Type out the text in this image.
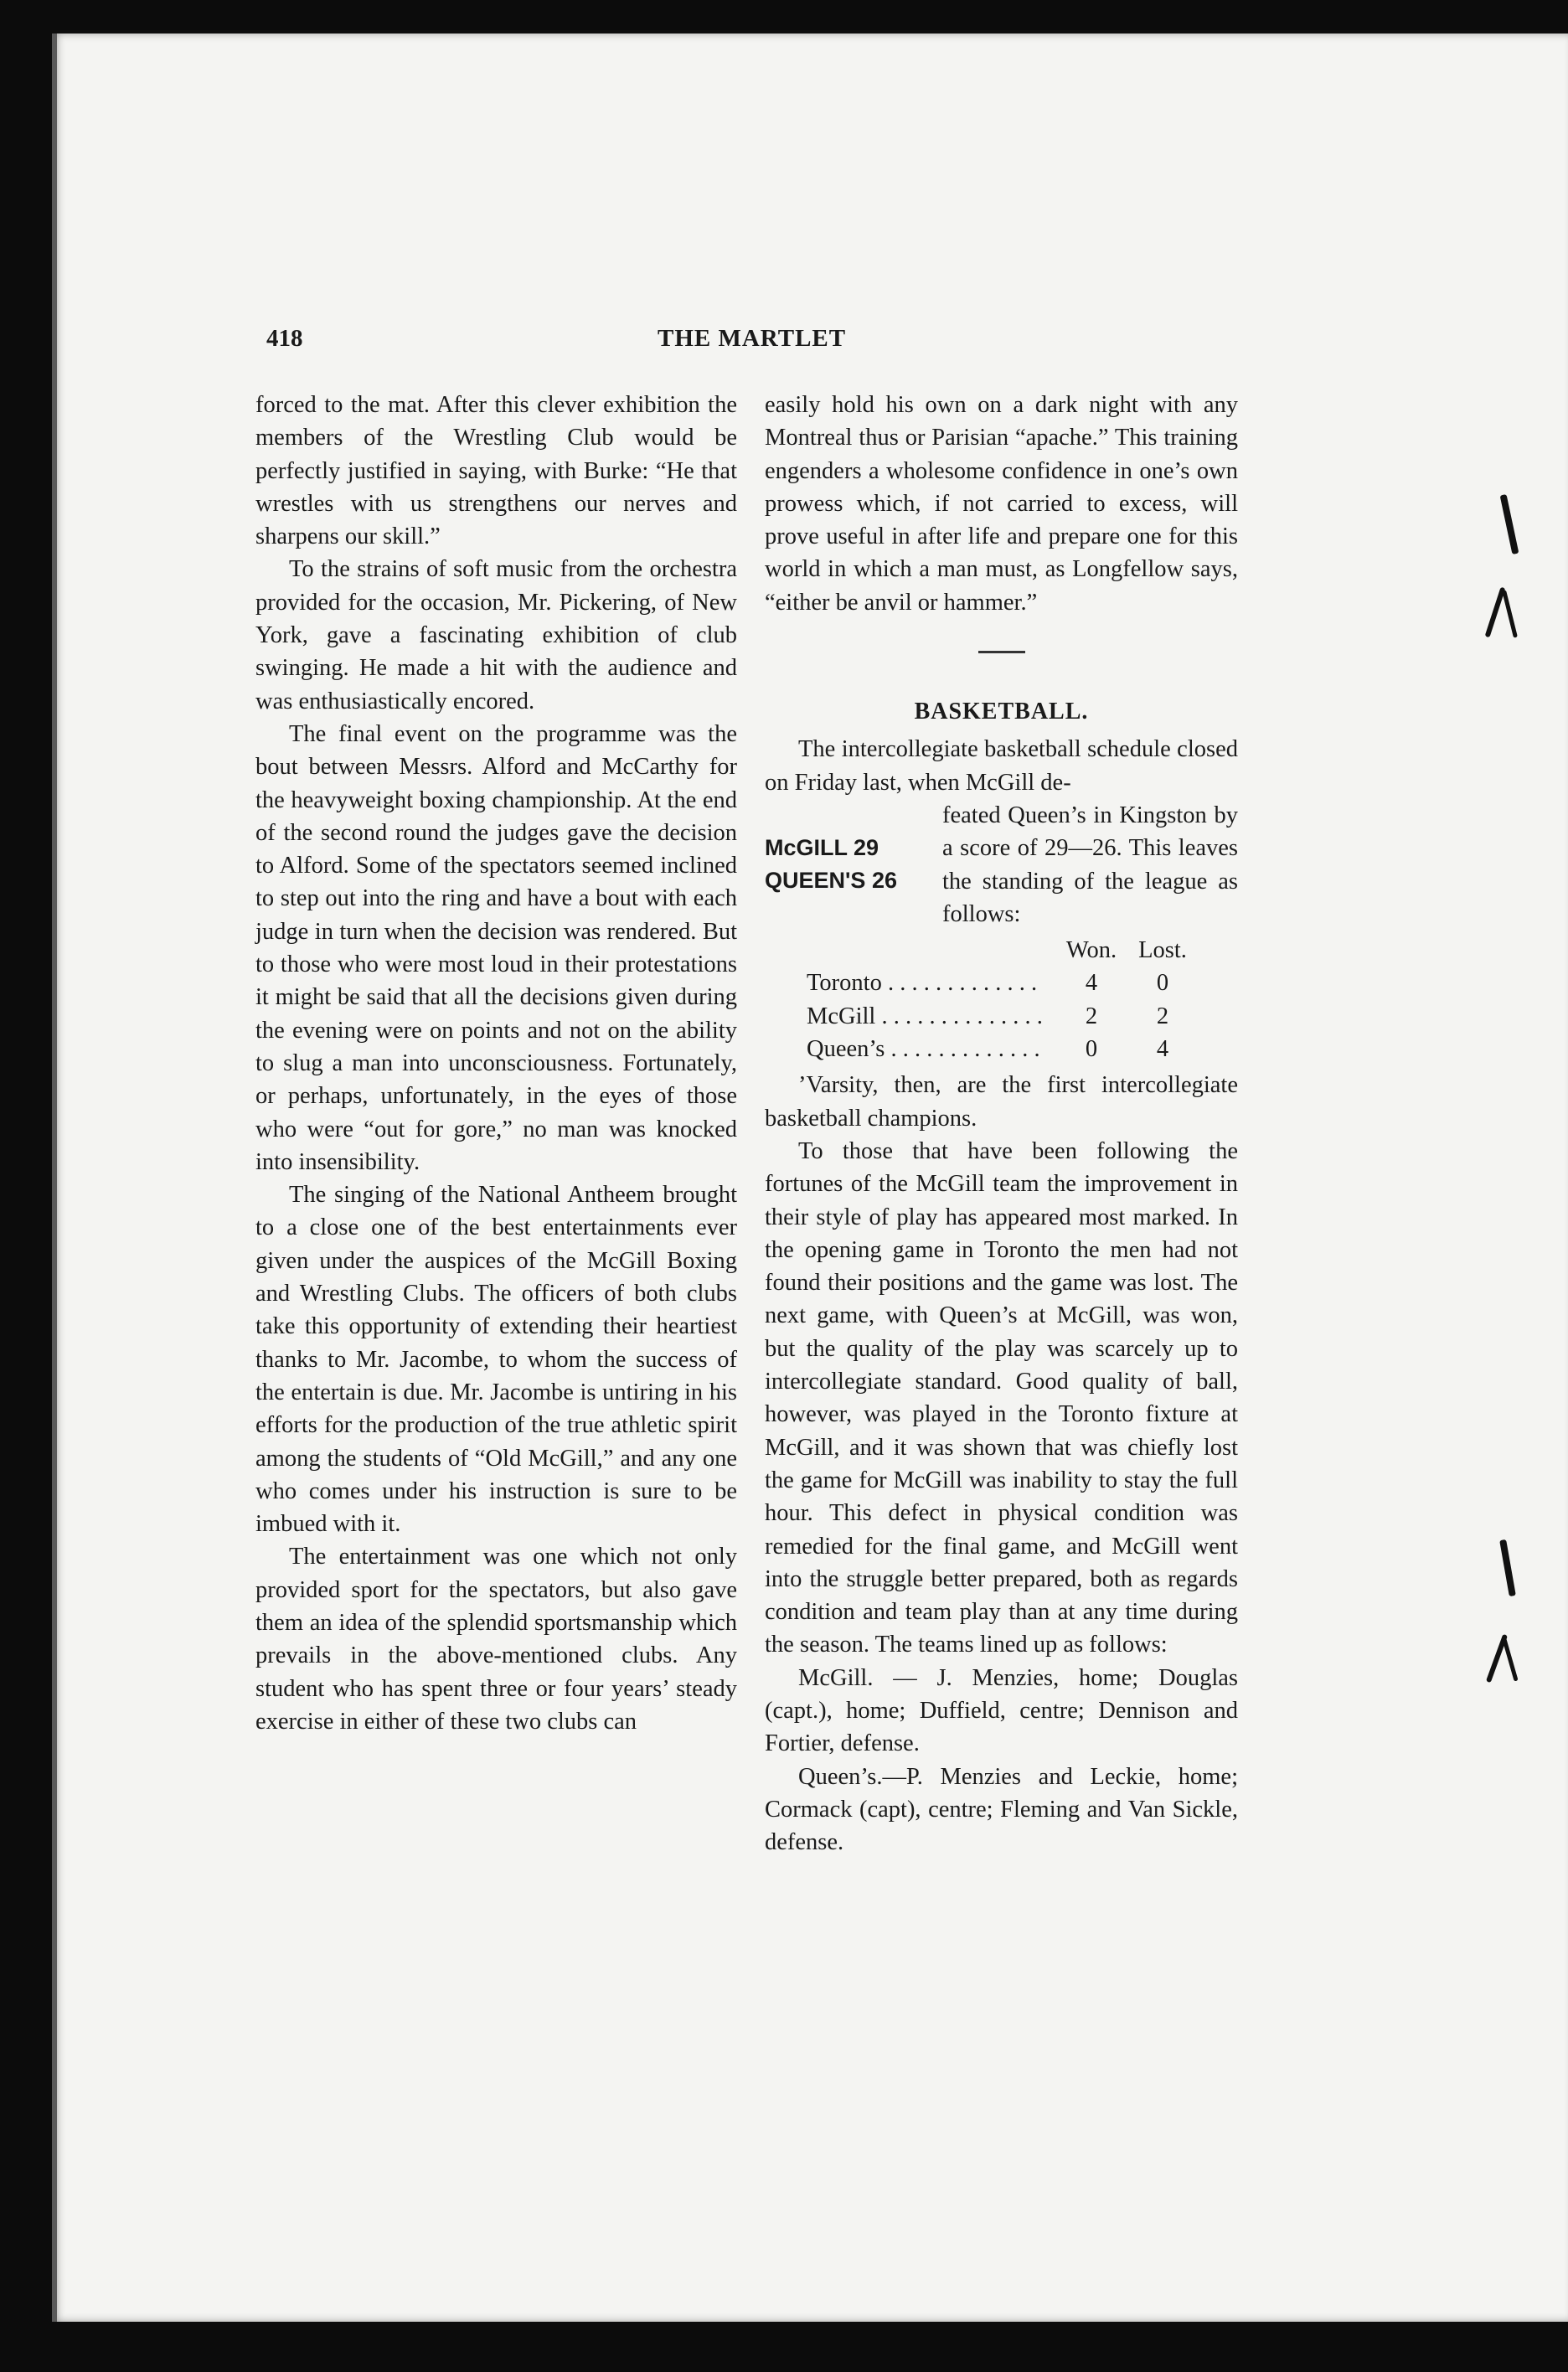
418	THE MARTLET

forced to the mat. After this clever exhibition the members of the Wrestling Club would be perfectly justified in saying, with Burke: “He that wrestles with us strengthens our nerves and sharpens our skill.”

To the strains of soft music from the orchestra provided for the occasion, Mr. Pickering, of New York, gave a fascinating exhibition of club swinging. He made a hit with the audience and was enthusiastically encored.

The final event on the programme was the bout between Messrs. Alford and McCarthy for the heavyweight boxing championship. At the end of the second round the judges gave the decision to Alford. Some of the spectators seemed inclined to step out into the ring and have a bout with each judge in turn when the decision was rendered. But to those who were most loud in their protestations it might be said that all the decisions given during the evening were on points and not on the ability to slug a man into unconsciousness. Fortunately, or perhaps, unfortunately, in the eyes of those who were “out for gore,” no man was knocked into insensibility.

The singing of the National Antheem brought to a close one of the best entertainments ever given under the auspices of the McGill Boxing and Wrestling Clubs. The officers of both clubs take this opportunity of extending their heartiest thanks to Mr. Jacombe, to whom the success of the entertain is due. Mr. Jacombe is untiring in his efforts for the production of the true athletic spirit among the students of “Old McGill,” and any one who comes under his instruction is sure to be imbued with it.

The entertainment was one which not only provided sport for the spectators, but also gave them an idea of the splendid sportsmanship which prevails in the above-mentioned clubs. Any student who has spent three or four years’ steady exercise in either of these two clubs can

easily hold his own on a dark night with any Montreal thus or Parisian “apache.” This training engenders a wholesome confidence in one’s own prowess which, if not carried to excess, will prove useful in after life and prepare one for this world in which a man must, as Longfellow says, “either be anvil or hammer.”

BASKETBALL.

The intercollegiate basketball schedule closed on Friday last, when McGill de-

McGILL 29
QUEEN'S 26
feated Queen’s in Kingston by a score of 29—26. This leaves the standing of the league as follows:
Won. Lost.
Toronto . . . . . . . . . . . . .	4	0
McGill . . . . . . . . . . . . . .	2	2
Queen’s . . . . . . . . . . . . .	0	4

’Varsity, then, are the first intercollegiate basketball champions.

To those that have been following the fortunes of the McGill team the improvement in their style of play has appeared most marked. In the opening game in Toronto the men had not found their positions and the game was lost. The next game, with Queen’s at McGill, was won, but the quality of the play was scarcely up to intercollegiate standard. Good quality of ball, however, was played in the Toronto fixture at McGill, and it was shown that was chiefly lost the game for McGill was inability to stay the full hour. This defect in physical condition was remedied for the final game, and McGill went into the struggle better prepared, both as regards condition and team play than at any time during the season. The teams lined up as follows:

McGill. — J. Menzies, home; Douglas (capt.), home; Duffield, centre; Dennison and Fortier, defense.

Queen’s.—P. Menzies and Leckie, home; Cormack (capt), centre; Fleming and Van Sickle, defense.
